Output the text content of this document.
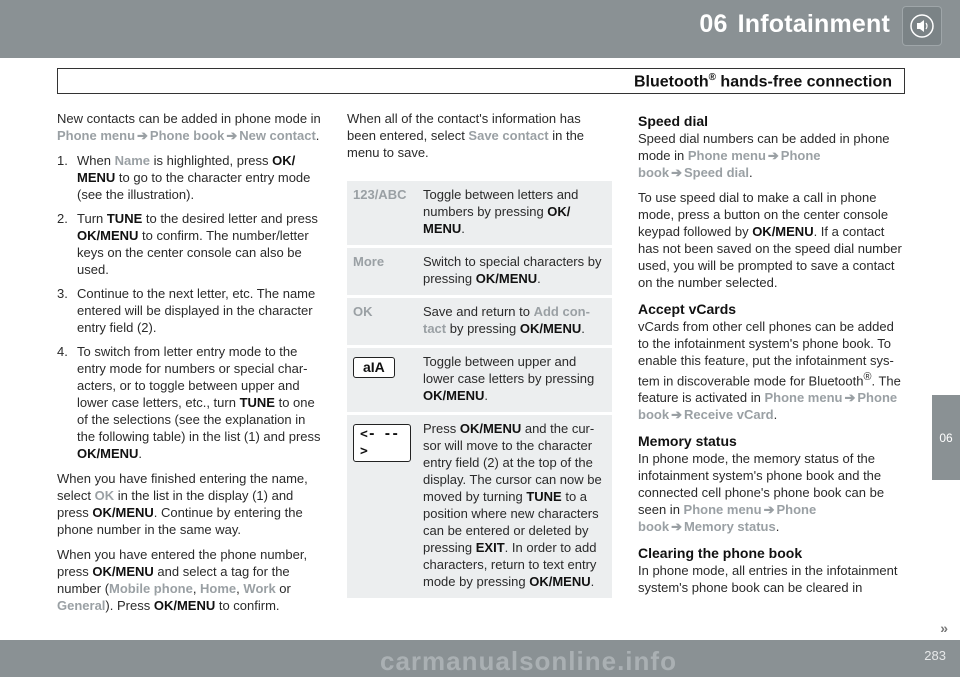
06 Infotainment
Bluetooth® hands-free connection

New contacts can be added in phone mode in Phone menu ➔ Phone book ➔ New contact.

1. When Name is highlighted, press OK/ MENU to go to the character entry mode (see the illustration).
2. Turn TUNE to the desired letter and press OK/MENU to confirm. The number/letter keys on the center console can also be used.
3. Continue to the next letter, etc. The name entered will be displayed in the character entry field (2).
4. To switch from letter entry mode to the entry mode for numbers or special char-acters, or to toggle between upper and lower case letters, etc., turn TUNE to one of the selections (see the explanation in the following table) in the list (1) and press OK/MENU.

When you have finished entering the name, select OK in the list in the display (1) and press OK/MENU. Continue by entering the phone number in the same way.

When you have entered the phone number, press OK/MENU and select a tag for the number (Mobile phone, Home, Work or General). Press OK/MENU to confirm.

When all of the contact's information has been entered, select Save contact in the menu to save.

123/ABC	Toggle between letters and numbers by pressing OK/ MENU.
More	Switch to special characters by pressing OK/MENU.
OK	Save and return to Add con-tact by pressing OK/MENU.
aIA	Toggle between upper and lower case letters by pressing OK/MENU.
<- -->	Press OK/MENU and the cur-sor will move to the character entry field (2) at the top of the display. The cursor can now be moved by turning TUNE to a position where new characters can be entered or deleted by pressing EXIT. In order to add characters, return to text entry mode by pressing OK/MENU.
Speed dial

Speed dial numbers can be added in phone mode in Phone menu ➔ Phone book ➔ Speed dial.

To use speed dial to make a call in phone mode, press a button on the center console keypad followed by OK/MENU. If a contact has not been saved on the speed dial number used, you will be prompted to save a contact on the number selected.

Accept vCards

vCards from other cell phones can be added to the infotainment system's phone book. To enable this feature, put the infotainment sys-tem in discoverable mode for Bluetooth®. The feature is activated in Phone menu ➔ Phone book ➔ Receive vCard.

Memory status

In phone mode, the memory status of the infotainment system's phone book and the connected cell phone's phone book can be seen in Phone menu ➔ Phone book ➔ Memory status.

Clearing the phone book

In phone mode, all entries in the infotainment system's phone book can be cleared in

06
»
carmanualsonline.info	283
